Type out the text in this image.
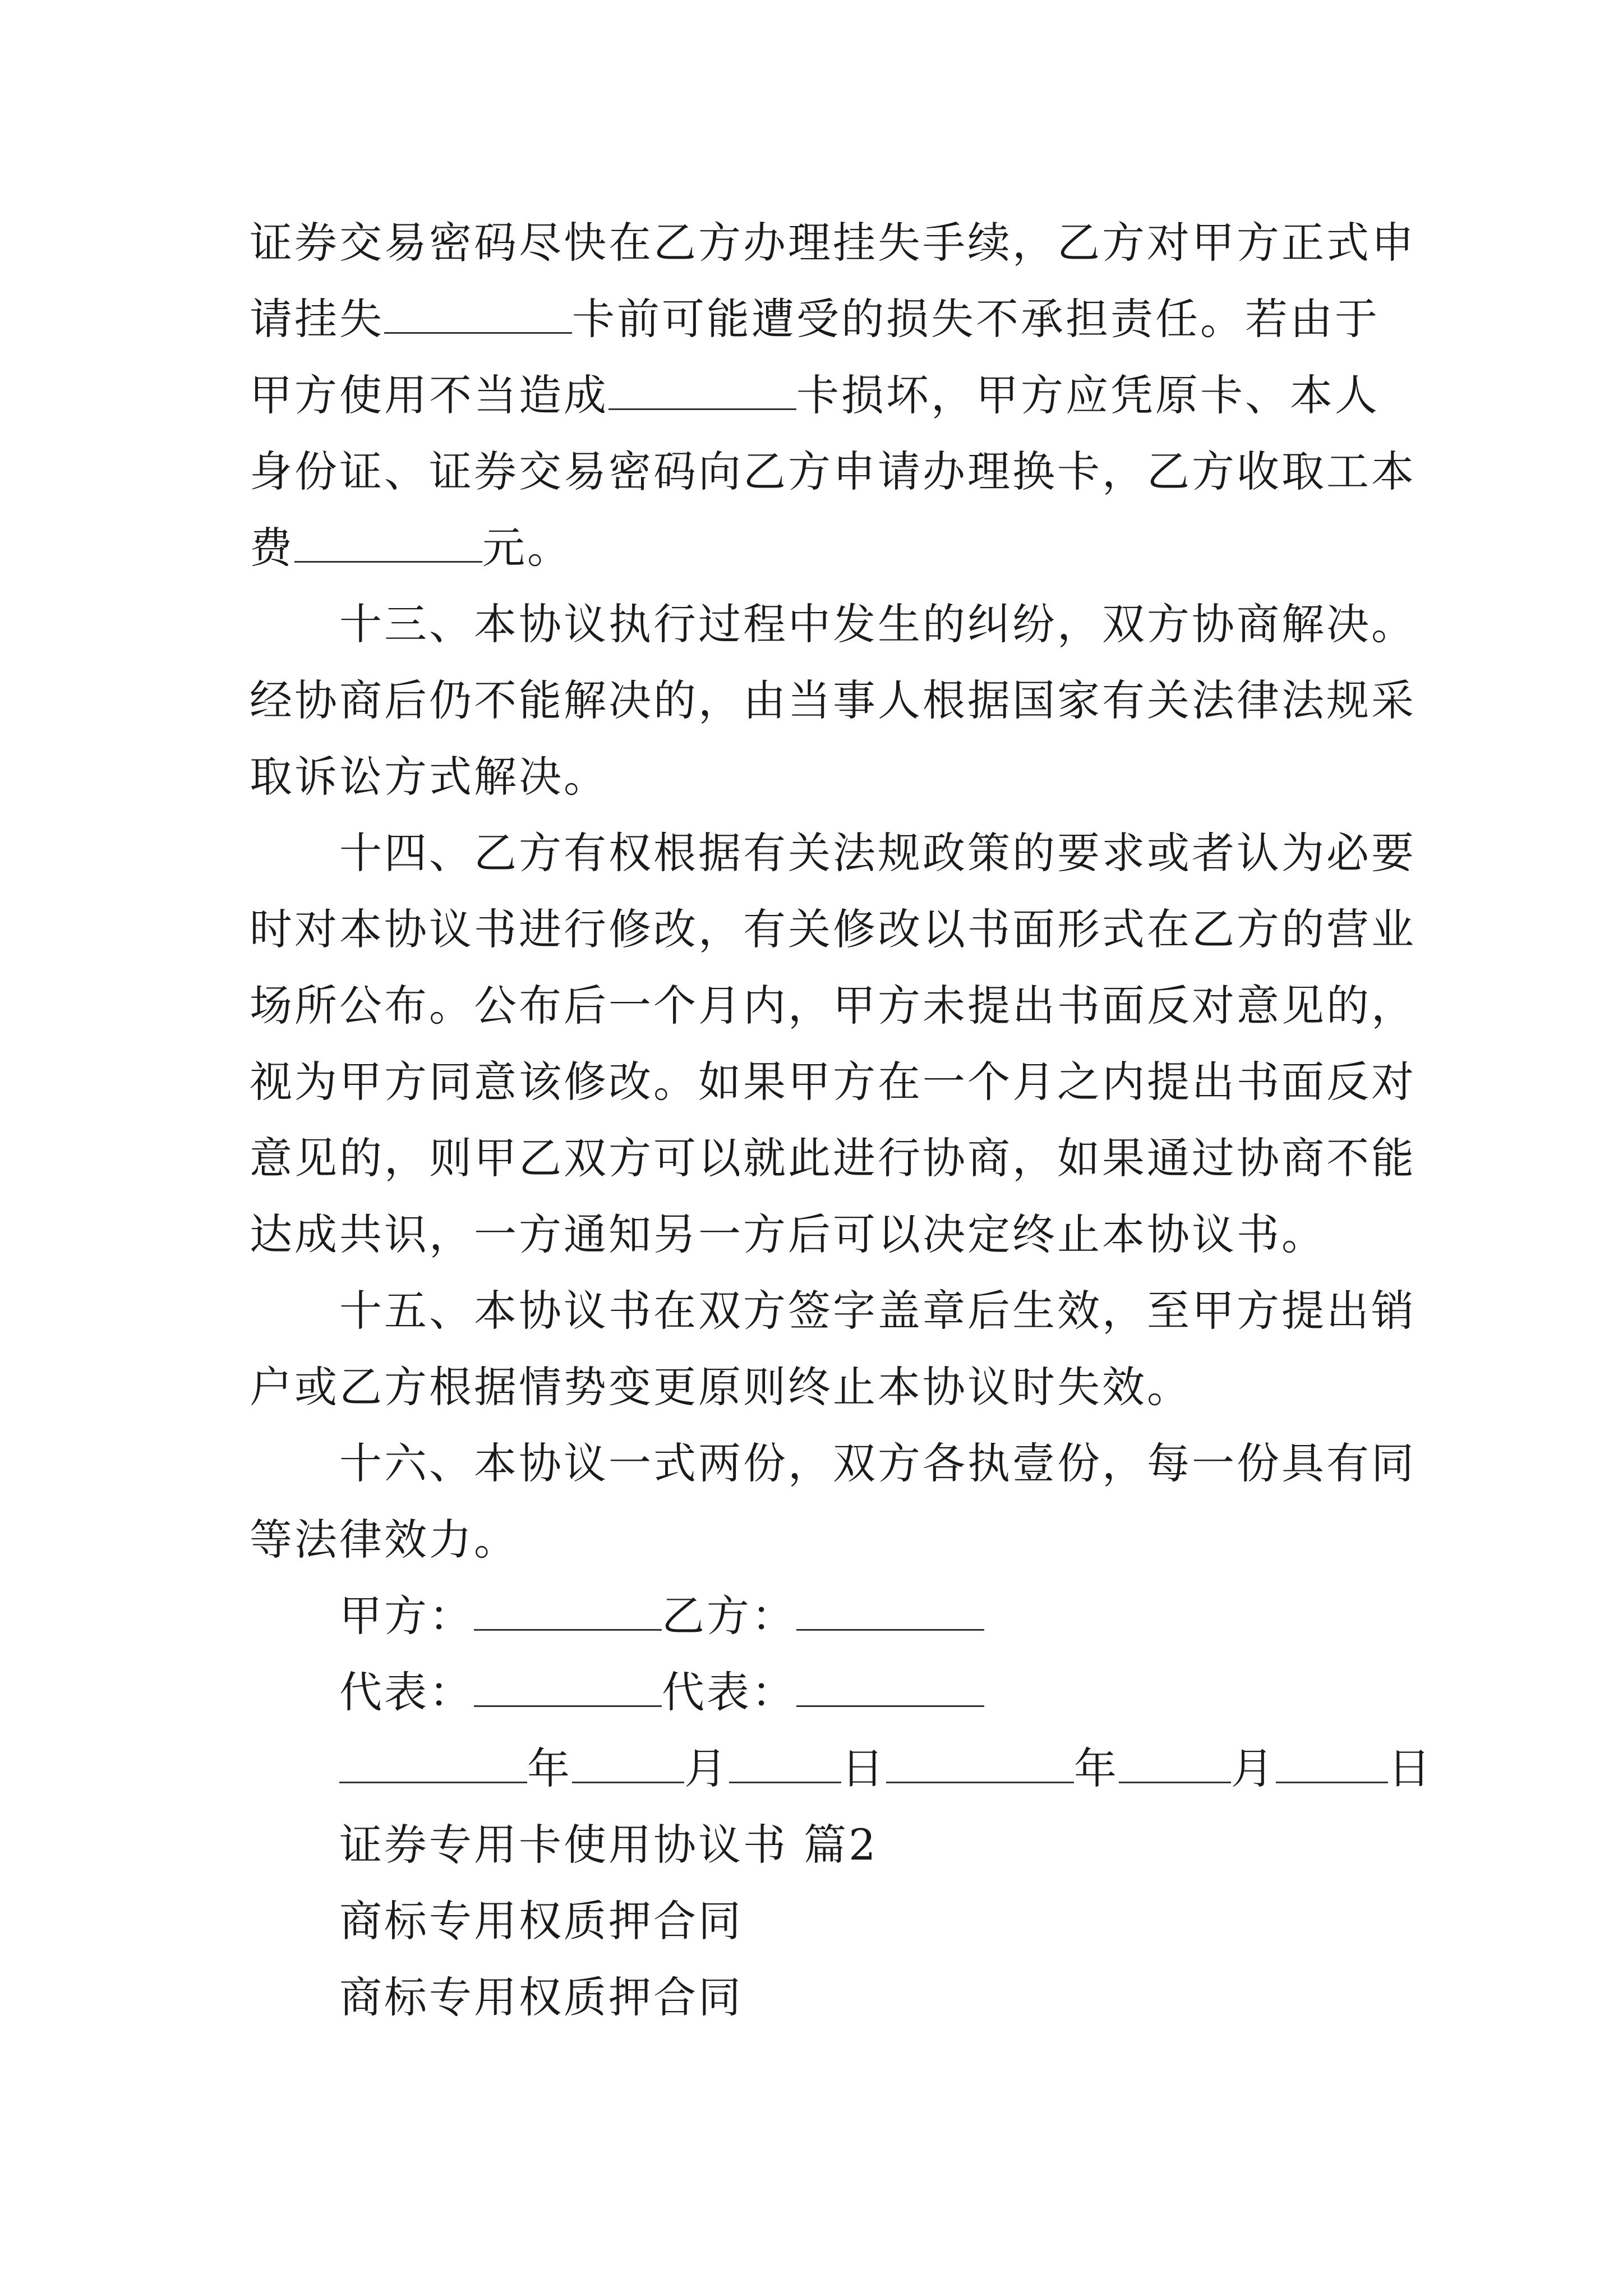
证券交易密码尽快在乙方办理挂失手续，乙方对甲方正式申
请挂失	卡前可能遭受的损失不承担责任。若由于
甲方使用不当造成	卡损坏，甲方应凭原卡、本人
身份证、证券交易密码向乙方申请办理换卡，乙方收取工本
费	元。
十三、本协议执行过程中发生的纠纷，双方协商解决。
经协商后仍不能解决的，由当事人根据国家有关法律法规采
取诉讼方式解决。
十四、乙方有权根据有关法规政策的要求或者认为必要
时对本协议书进行修改，有关修改以书面形式在乙方的营业
场所公布。公布后一个月内，甲方未提出书面反对意见的，
视为甲方同意该修改。如果甲方在一个月之内提出书面反对
意见的，则甲乙双方可以就此进行协商，如果通过协商不能
达成共识，一方通知另一方后可以决定终止本协议书。
十五、本协议书在双方签字盖章后生效，至甲方提出销
户或乙方根据情势变更原则终止本协议时失效。
十六、本协议一式两份，双方各执壹份，每一份具有同
等法律效力。
甲方：	乙方：
代表：	代表：
年	月	日	年	月	日
证券专用卡使用协议书 篇2
商标专用权质押合同
商标专用权质押合同
